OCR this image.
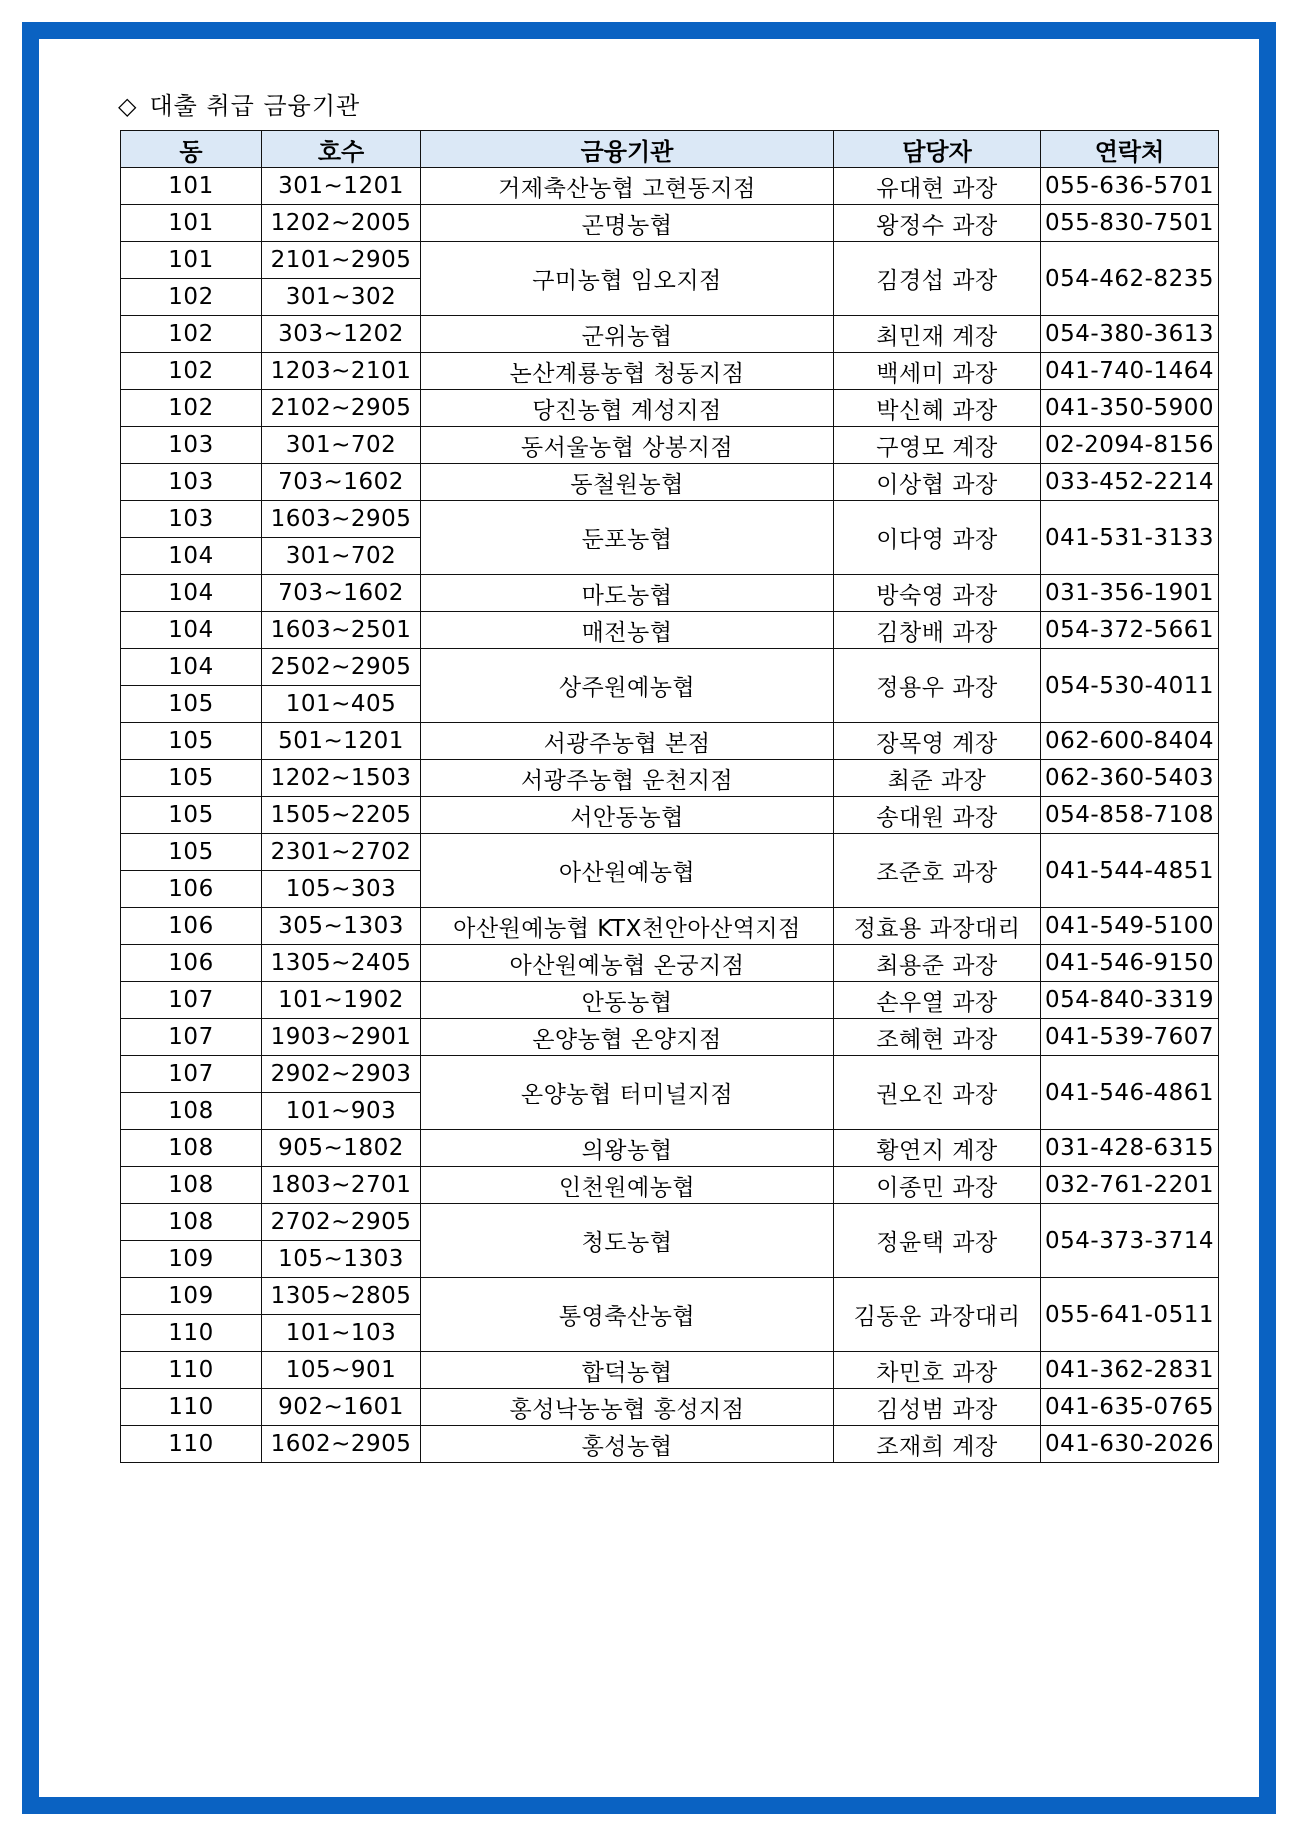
◇ 대출 취급 금융기관
동	호수	금융기관	담당자	연락처
101	301~1201	거제축산농협 고현동지점	유대현 과장	055-636-5701
101	1202~2005	곤명농협	왕정수 과장	055-830-7501
101	2101~2905	구미농협 임오지점	김경섭 과장	054-462-8235
102	301~302			
102	303~1202	군위농협	최민재 계장	054-380-3613
102	1203~2101	논산계룡농협 청동지점	백세미 과장	041-740-1464
102	2102~2905	당진농협 계성지점	박신혜 과장	041-350-5900
103	301~702	동서울농협 상봉지점	구영모 계장	02-2094-8156
103	703~1602	동철원농협	이상협 과장	033-452-2214
103	1603~2905	둔포농협	이다영 과장	041-531-3133
104	301~702			
104	703~1602	마도농협	방숙영 과장	031-356-1901
104	1603~2501	매전농협	김창배 과장	054-372-5661
104	2502~2905	상주원예농협	정용우 과장	054-530-4011
105	101~405			
105	501~1201	서광주농협 본점	장목영 계장	062-600-8404
105	1202~1503	서광주농협 운천지점	최준 과장	062-360-5403
105	1505~2205	서안동농협	송대원 과장	054-858-7108
105	2301~2702	아산원예농협	조준호 과장	041-544-4851
106	105~303			
106	305~1303	아산원예농협 KTX천안아산역지점	정효용 과장대리	041-549-5100
106	1305~2405	아산원예농협 온궁지점	최용준 과장	041-546-9150
107	101~1902	안동농협	손우열 과장	054-840-3319
107	1903~2901	온양농협 온양지점	조혜현 과장	041-539-7607
107	2902~2903	온양농협 터미널지점	권오진 과장	041-546-4861
108	101~903			
108	905~1802	의왕농협	황연지 계장	031-428-6315
108	1803~2701	인천원예농협	이종민 과장	032-761-2201
108	2702~2905	청도농협	정윤택 과장	054-373-3714
109	105~1303			
109	1305~2805	통영축산농협	김동운 과장대리	055-641-0511
110	101~103			
110	105~901	합덕농협	차민호 과장	041-362-2831
110	902~1601	홍성낙농농협 홍성지점	김성범 과장	041-635-0765
110	1602~2905	홍성농협	조재희 계장	041-630-2026
